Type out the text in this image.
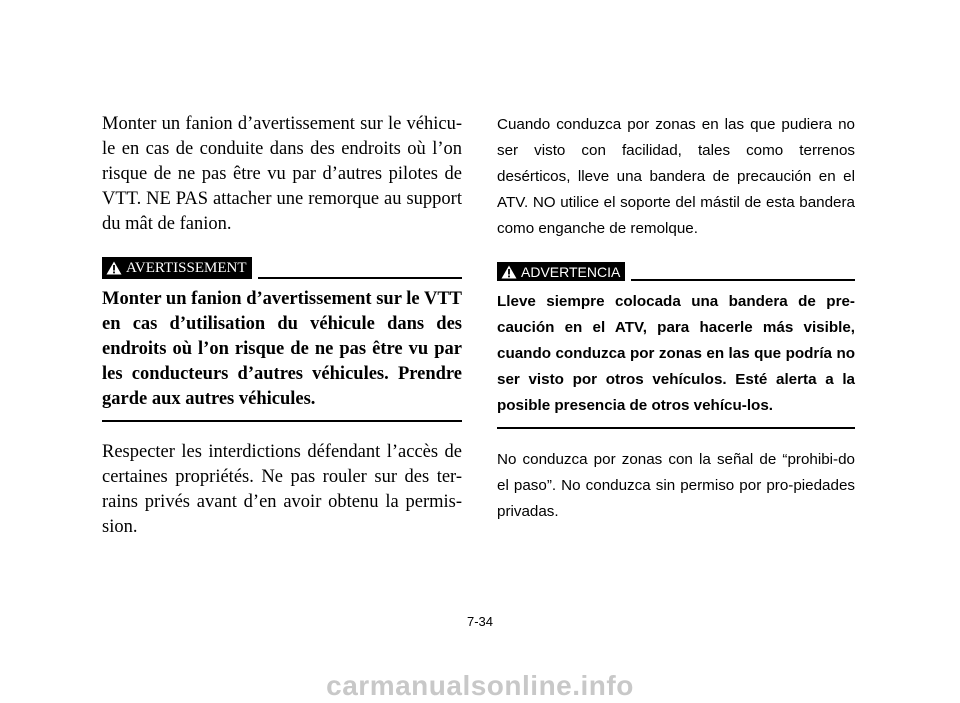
Monter un fanion d’avertissement sur le véhicu-le en cas de conduite dans des endroits où l’on risque de ne pas être vu par d’autres pilotes de VTT. NE PAS attacher une remorque au support du mât de fanion.

AVERTISSEMENT

Monter un fanion d’avertissement sur le VTT en cas d’utilisation du véhicule dans des endroits où l’on risque de ne pas être vu par les conducteurs d’autres véhicules. Prendre garde aux autres véhicules.

Respecter les interdictions défendant l’accès de certaines propriétés. Ne pas rouler sur des ter-rains privés avant d’en avoir obtenu la permis-sion.

Cuando conduzca por zonas en las que pudiera no ser visto con facilidad, tales como terrenos desérticos, lleve una bandera de precaución en el ATV. NO utilice el soporte del mástil de esta bandera como enganche de remolque.

ADVERTENCIA

Lleve siempre colocada una bandera de pre-caución en el ATV, para hacerle más visible, cuando conduzca por zonas en las que podría no ser visto por otros vehículos. Esté alerta a la posible presencia de otros vehícu-los.

No conduzca por zonas con la señal de “prohibi-do el paso”. No conduzca sin permiso por pro-piedades privadas.

7-34
carmanualsonline.info
